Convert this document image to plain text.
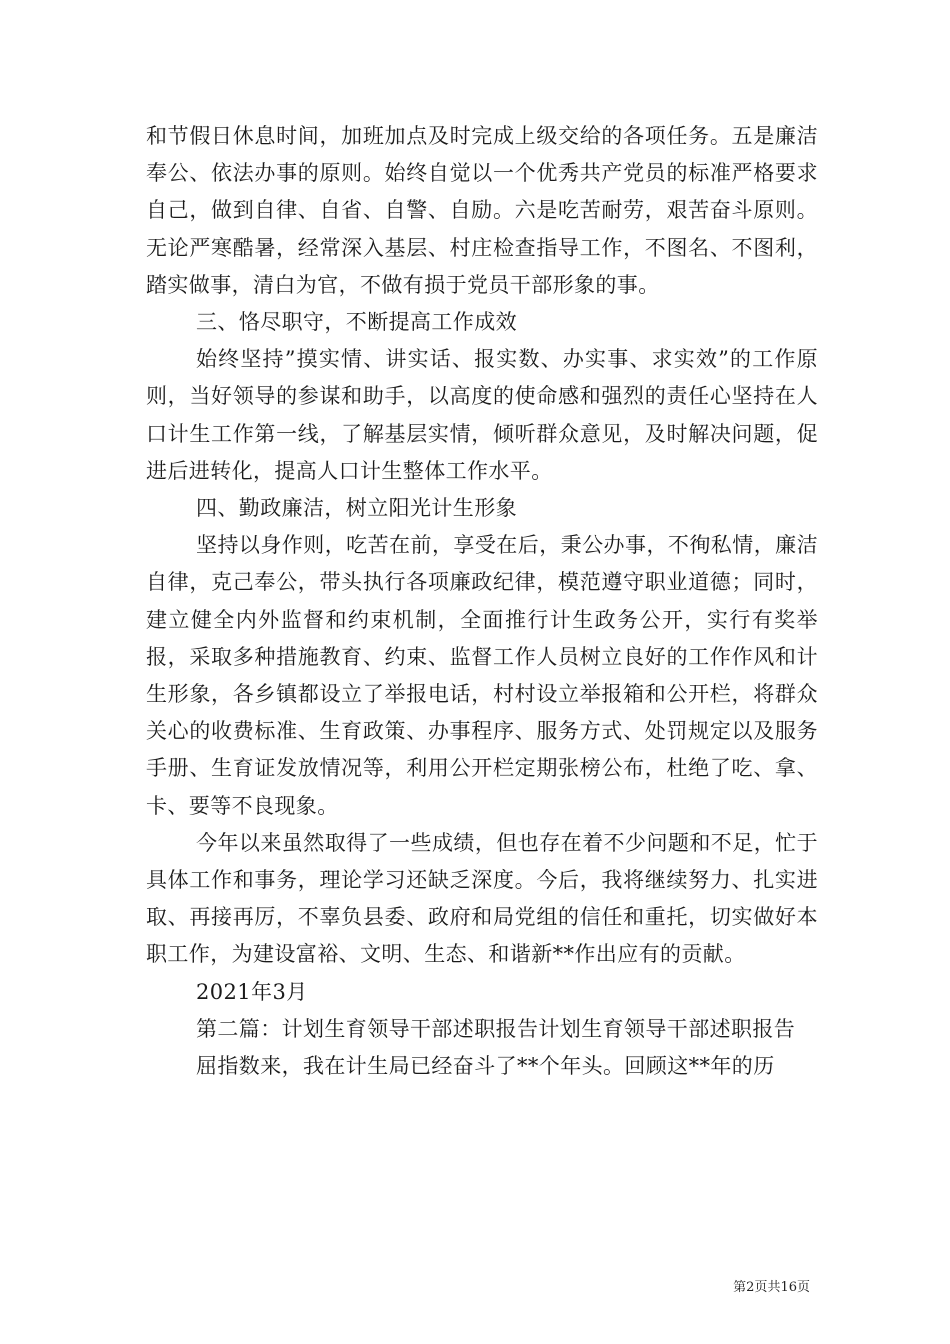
和节假日休息时间，加班加点及时完成上级交给的各项任务。五是廉洁奉公、依法办事的原则。始终自觉以一个优秀共产党员的标准严格要求自己，做到自律、自省、自警、自励。六是吃苦耐劳，艰苦奋斗原则。无论严寒酷暑，经常深入基层、村庄检查指导工作，不图名、不图利，踏实做事，清白为官，不做有损于党员干部形象的事。

三、恪尽职守，不断提高工作成效

始终坚持”摸实情、讲实话、报实数、办实事、求实效”的工作原则，当好领导的参谋和助手，以高度的使命感和强烈的责任心坚持在人口计生工作第一线，了解基层实情，倾听群众意见，及时解决问题，促进后进转化，提高人口计生整体工作水平。

四、勤政廉洁，树立阳光计生形象

坚持以身作则，吃苦在前，享受在后，秉公办事，不徇私情，廉洁自律，克己奉公，带头执行各项廉政纪律，模范遵守职业道德；同时，建立健全内外监督和约束机制，全面推行计生政务公开，实行有奖举报，采取多种措施教育、约束、监督工作人员树立良好的工作作风和计生形象，各乡镇都设立了举报电话，村村设立举报箱和公开栏，将群众关心的收费标准、生育政策、办事程序、服务方式、处罚规定以及服务手册、生育证发放情况等，利用公开栏定期张榜公布，杜绝了吃、拿、卡、要等不良现象。

今年以来虽然取得了一些成绩，但也存在着不少问题和不足，忙于具体工作和事务，理论学习还缺乏深度。今后，我将继续努力、扎实进取、再接再厉，不辜负县委、政府和局党组的信任和重托，切实做好本职工作，为建设富裕、文明、生态、和谐新**作出应有的贡献。

2021年3月

第二篇：计划生育领导干部述职报告计划生育领导干部述职报告

屈指数来，我在计生局已经奋斗了**个年头。回顾这**年的历

第2页共16页
